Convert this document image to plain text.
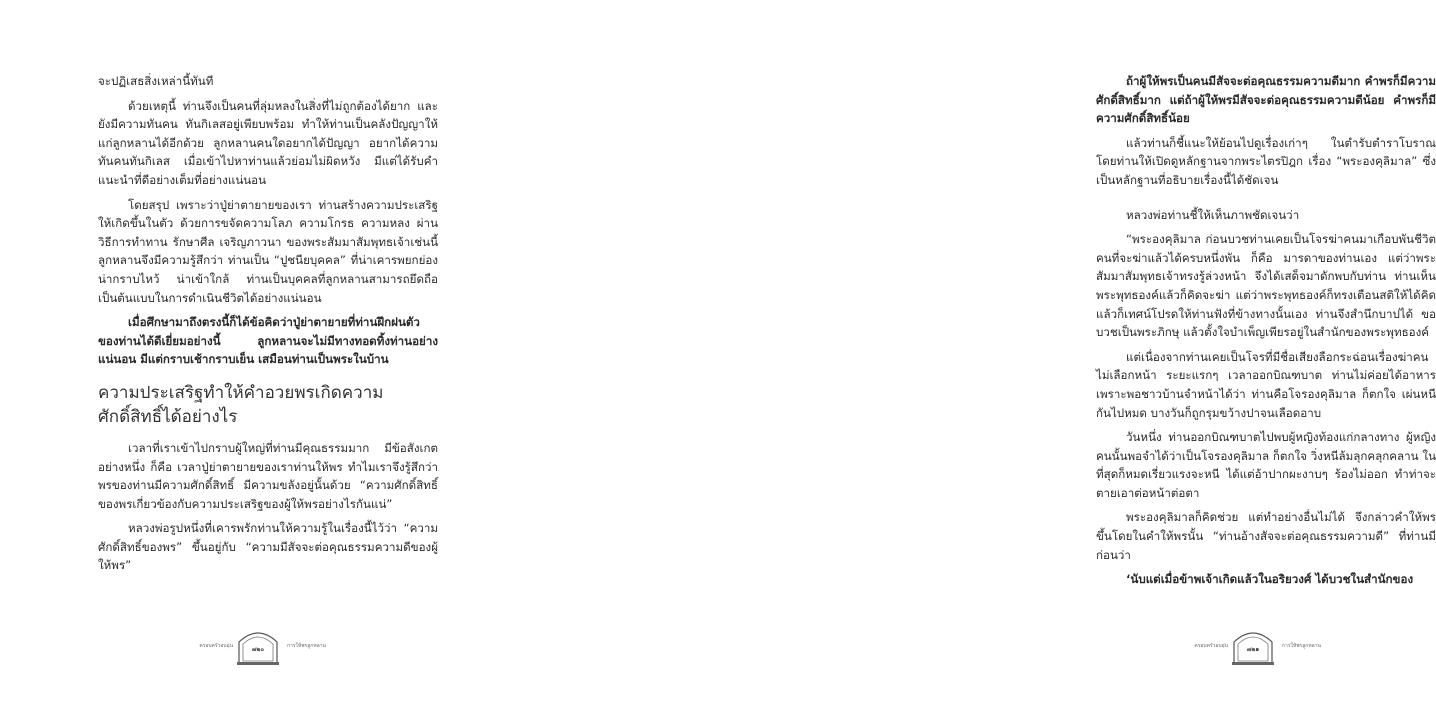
จะปฏิเสธสิ่งเหล่านี้ทันที
ด้วยเหตุนี้ ท่านจึงเป็นคนที่ลุ่มหลงในสิ่งที่ไม่ถูกต้องได้ยาก และยังมีความทันคน ทันกิเลสอยู่เพียบพร้อม ทำให้ท่านเป็นคลังปัญญาให้แก่ลูกหลานได้อีกด้วย ลูกหลานคนใดอยากได้ปัญญา อยากได้ความทันคนทันกิเลส เมื่อเข้าไปหาท่านแล้วย่อมไม่ผิดหวัง มีแต่ได้รับคำแนะนำที่ดีอย่างเต็มที่อย่างแน่นอน
โดยสรุป เพราะว่าปู่ย่าตายายของเรา ท่านสร้างความประเสริฐให้เกิดขึ้นในตัว ด้วยการขจัดความโลภ ความโกรธ ความหลง ผ่านวิธีการทำทาน รักษาศีล เจริญภาวนา ของพระสัมมาสัมพุทธเจ้าเช่นนี้ ลูกหลานจึงมีความรู้สึกว่า ท่านเป็น “ปูชนียบุคคล” ที่น่าเคารพยกย่อง น่ากราบไหว้ น่าเข้าใกล้ ท่านเป็นบุคคลที่ลูกหลานสามารถยึดถือเป็นต้นแบบในการดำเนินชีวิตได้อย่างแน่นอน
เมื่อศึกษามาถึงตรงนี้ก็ได้ข้อคิดว่าปู่ย่าตายายที่ท่านฝึกฝนตัวของท่านได้ดีเยี่ยมอย่างนี้ ลูกหลานจะไม่มีทางทอดทิ้งท่านอย่างแน่นอน มีแต่กราบเช้ากราบเย็น เสมือนท่านเป็นพระในบ้าน
ความประเสริฐทำให้คำอวยพรเกิดความศักดิ์สิทธิ์ได้อย่างไร
เวลาที่เราเข้าไปกราบผู้ใหญ่ที่ท่านมีคุณธรรมมาก มีข้อสังเกตอย่างหนึ่ง ก็คือ เวลาปู่ย่าตายายของเราท่านให้พร ทำไมเราจึงรู้สึกว่าพรของท่านมีความศักดิ์สิทธิ์ มีความขลังอยู่นั้นด้วย “ความศักดิ์สิทธิ์ของพรเกี่ยวข้องกับความประเสริฐของผู้ให้พรอย่างไรกันแน่”
หลวงพ่อรูปหนึ่งที่เคารพรักท่านให้ความรู้ในเรื่องนี้ไว้ว่า “ความศักดิ์สิทธิ์ของพร” ขึ้นอยู่กับ “ความมีสัจจะต่อคุณธรรมความดีของผู้ให้พร”
ครอบครัวอบอุ่น	๗๒๐	การให้พรลูกหลาน
ถ้าผู้ให้พรเป็นคนมีสัจจะต่อคุณธรรมความดีมาก คำพรก็มีความศักดิ์สิทธิ์มาก แต่ถ้าผู้ให้พรมีสัจจะต่อคุณธรรมความดีน้อย คำพรก็มีความศักดิ์สิทธิ์น้อย
แล้วท่านก็ชี้แนะให้ย้อนไปดูเรื่องเก่าๆ ในตำรับตำราโบราณ โดยท่านให้เปิดดูหลักฐานจากพระไตรปิฎก เรื่อง “พระองคุลิมาล” ซึ่งเป็นหลักฐานที่อธิบายเรื่องนี้ได้ชัดเจน
หลวงพ่อท่านชี้ให้เห็นภาพชัดเจนว่า
“พระองคุลิมาล ก่อนบวชท่านเคยเป็นโจรฆ่าคนมาเกือบพันชีวิต คนที่จะฆ่าแล้วได้ครบหนึ่งพัน ก็คือ มารดาของท่านเอง แต่ว่าพระสัมมาสัมพุทธเจ้าทรงรู้ล่วงหน้า จึงได้เสด็จมาดักพบกับท่าน ท่านเห็นพระพุทธองค์แล้วก็คิดจะฆ่า แต่ว่าพระพุทธองค์ก็ทรงเตือนสติให้ได้คิด แล้วก็เทศน์โปรดให้ท่านฟังที่ข้างทางนั้นเอง ท่านจึงสำนึกบาปได้ ขอบวชเป็นพระภิกษุ แล้วตั้งใจบำเพ็ญเพียรอยู่ในสำนักของพระพุทธองค์
แต่เนื่องจากท่านเคยเป็นโจรที่มีชื่อเสียงลือกระฉ่อนเรื่องฆ่าคนไม่เลือกหน้า ระยะแรกๆ เวลาออกบิณฑบาต ท่านไม่ค่อยได้อาหาร เพราะพอชาวบ้านจำหน้าได้ว่า ท่านคือโจรองคุลิมาล ก็ตกใจ เผ่นหนีกันไปหมด บางวันก็ถูกรุมขว้างปาจนเลือดอาบ
วันหนึ่ง ท่านออกบิณฑบาตไปพบผู้หญิงท้องแก่กลางทาง ผู้หญิงคนนั้นพอจำได้ว่าเป็นโจรองคุลิมาล ก็ตกใจ วิ่งหนีล้มลุกคลุกคลาน ในที่สุดก็หมดเรี่ยวแรงจะหนี ได้แต่อ้าปากผะงาบๆ ร้องไม่ออก ทำท่าจะตายเอาต่อหน้าต่อตา
พระองคุลิมาลก็คิดช่วย แต่ทำอย่างอื่นไม่ได้ จึงกล่าวคำให้พรขึ้นโดยในคำให้พรนั้น “ท่านอ้างสัจจะต่อคุณธรรมความดี” ที่ท่านมีก่อนว่า
‘นับแต่เมื่อข้าพเจ้าเกิดแล้วในอริยวงศ์ ได้บวชในสำนักของ
ครอบครัวอบอุ่น	๗๒๑	การให้พรลูกหลาน
